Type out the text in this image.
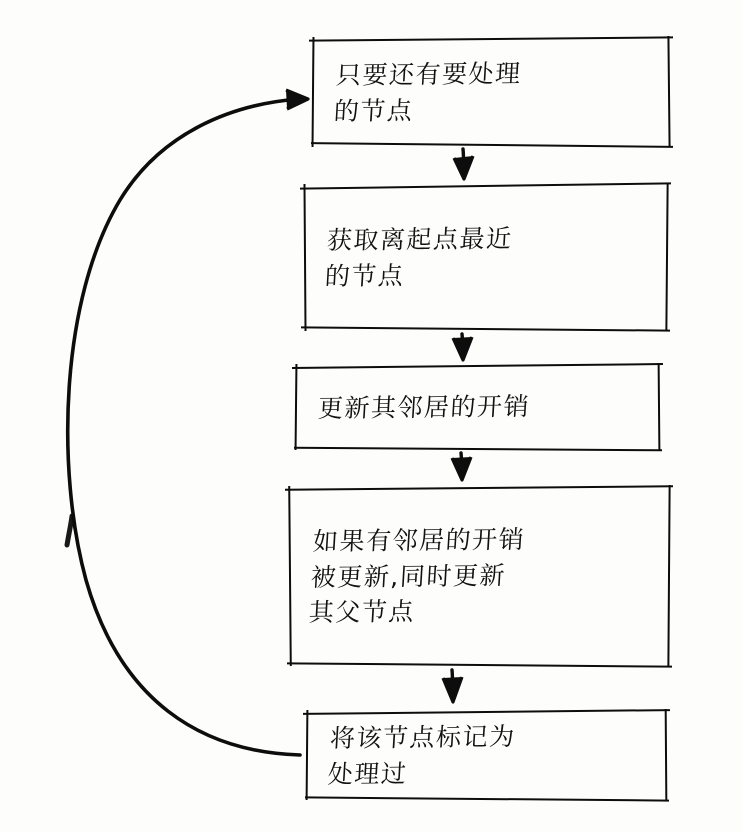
只要还有要处理
的节点
获取离起点最近
的节点
更新其邻居的开销
如果有邻居的开销
被更新,同时更新
其父节点
将该节点标记为
处理过
